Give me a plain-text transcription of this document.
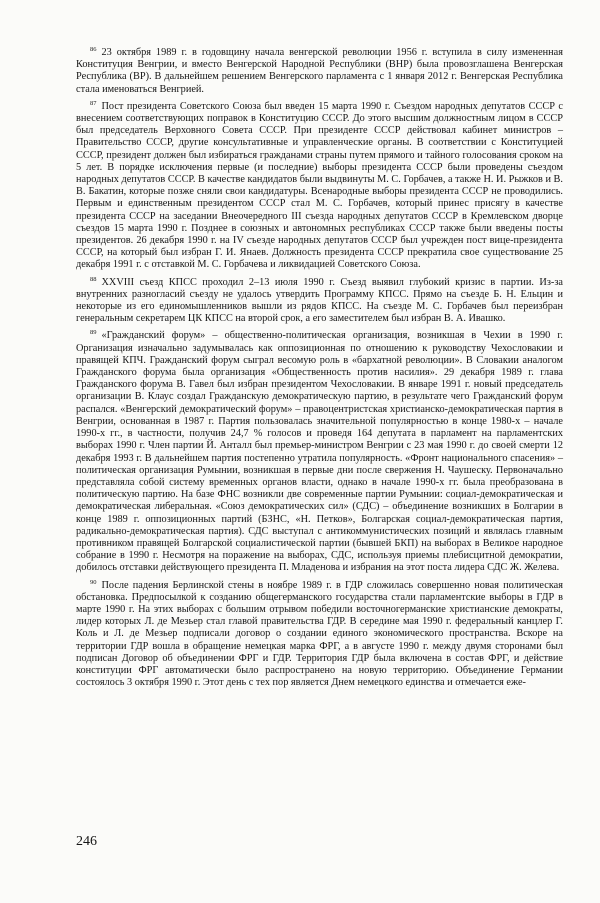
$^{86}$ 23 октября 1989 г. в годовщину начала венгерской революции 1956 г. вступила в силу измененная Конституция Венгрии, и вместо Венгерской Народной Республики (ВНР) была провозглашена Венгерская Республика (ВР). В дальнейшем решением Венгерского парламента с 1 января 2012 г. Венгерская Республика стала именоваться Венгрией.

$^{87}$ Пост президента Советского Союза был введен 15 марта 1990 г. Съездом народных депутатов СССР с внесением соответствующих поправок в Конституцию СССР. До этого высшим должностным лицом в СССР был председатель Верховного Совета СССР. При президенте СССР действовал кабинет министров – Правительство СССР, другие консультативные и управленческие органы. В соответствии с Конституцией СССР, президент должен был избираться гражданами страны путем прямого и тайного голосования сроком на 5 лет. В порядке исключения первые (и последние) выборы президента СССР были проведены съездом народных депутатов СССР. В качестве кандидатов были выдвинуты М. С. Горбачев, а также Н. И. Рыжков и В. В. Бакатин, которые позже сняли свои кандидатуры. Всенародные выборы президента СССР не проводились. Первым и единственным президентом СССР стал М. С. Горбачев, который принес присягу в качестве президента СССР на заседании Внеочередного III съезда народных депутатов СССР в Кремлевском дворце съездов 15 марта 1990 г. Позднее в союзных и автономных республиках СССР также были введены посты президентов. 26 декабря 1990 г. на IV съезде народных депутатов СССР был учрежден пост вице-президента СССР, на который был избран Г. И. Янаев. Должность президента СССР прекратила свое существование 25 декабря 1991 г. с отставкой М. С. Горбачева и ликвидацией Советского Союза.

$^{88}$ XXVIII съезд КПСС проходил 2–13 июля 1990 г. Съезд выявил глубокий кризис в партии. Из-за внутренних разногласий съезду не удалось утвердить Программу КПСС. Прямо на съезде Б. Н. Ельцин и некоторые из его единомышленников вышли из рядов КПСС. На съезде М. С. Горбачев был переизбран генеральным секретарем ЦК КПСС на второй срок, а его заместителем был избран В. А. Ивашко.

$^{89}$ «Гражданский форум» – общественно-политическая организация, возникшая в Чехии в 1990 г. Организация изначально задумывалась как оппозиционная по отношению к руководству Чехословакии и правящей КПЧ. Гражданский форум сыграл весомую роль в «бархатной революции». В Словакии аналогом Гражданского форума была организация «Общественность против насилия». 29 декабря 1989 г. глава Гражданского форума В. Гавел был избран президентом Чехословакии. В январе 1991 г. новый председатель организации В. Клаус создал Гражданскую демократическую партию, в результате чего Гражданский форум распался. «Венгерский демократический форум» – правоцентристская христианско-демократическая партия в Венгрии, основанная в 1987 г. Партия пользовалась значительной популярностью в конце 1980-х – начале 1990-х гг., в частности, получив 24,7 % голосов и проведя 164 депутата в парламент на парламентских выборах 1990 г. Член партии Й. Анталл был премьер-министром Венгрии с 23 мая 1990 г. до своей смерти 12 декабря 1993 г. В дальнейшем партия постепенно утратила популярность. «Фронт национального спасения» – политическая организация Румынии, возникшая в первые дни после свержения Н. Чаушеску. Первоначально представляла собой систему временных органов власти, однако в начале 1990-х гг. была преобразована в политическую партию. На базе ФНС возникли две современные партии Румынии: социал-демократическая и демократическая либеральная. «Союз демократических сил» (СДС) – объединение возникших в Болгарии в конце 1989 г. оппозиционных партий (БЗНС, «Н. Петков», Болгарская социал-демократическая партия, радикально-демократическая партия). СДС выступал с антикоммунистических позиций и являлась главным противником правящей Болгарской социалистической партии (бывшей БКП) на выборах в Великое народное собрание в 1990 г. Несмотря на поражение на выборах, СДС, используя приемы плебисцитной демократии, добилось отставки действующего президента П. Младенова и избрания на этот поста лидера СДС Ж. Желева.

$^{90}$ После падения Берлинской стены в ноябре 1989 г. в ГДР сложилась совершенно новая политическая обстановка. Предпосылкой к созданию общегерманского государства стали парламентские выборы в ГДР в марте 1990 г. На этих выборах с большим отрывом победили восточногерманские христианские демократы, лидер которых Л. де Мезьер стал главой правительства ГДР. В середине мая 1990 г. федеральный канцлер Г. Коль и Л. де Мезьер подписали договор о создании единого экономического пространства. Вскоре на территории ГДР вошла в обращение немецкая марка ФРГ, а в августе 1990 г. между двумя сторонами был подписан Договор об объединении ФРГ и ГДР. Территория ГДР была включена в состав ФРГ, и действие конституции ФРГ автоматически было распространено на новую территорию. Объединение Германии состоялось 3 октября 1990 г. Этот день с тех пор является Днем немецкого единства и отмечается еже-

246
